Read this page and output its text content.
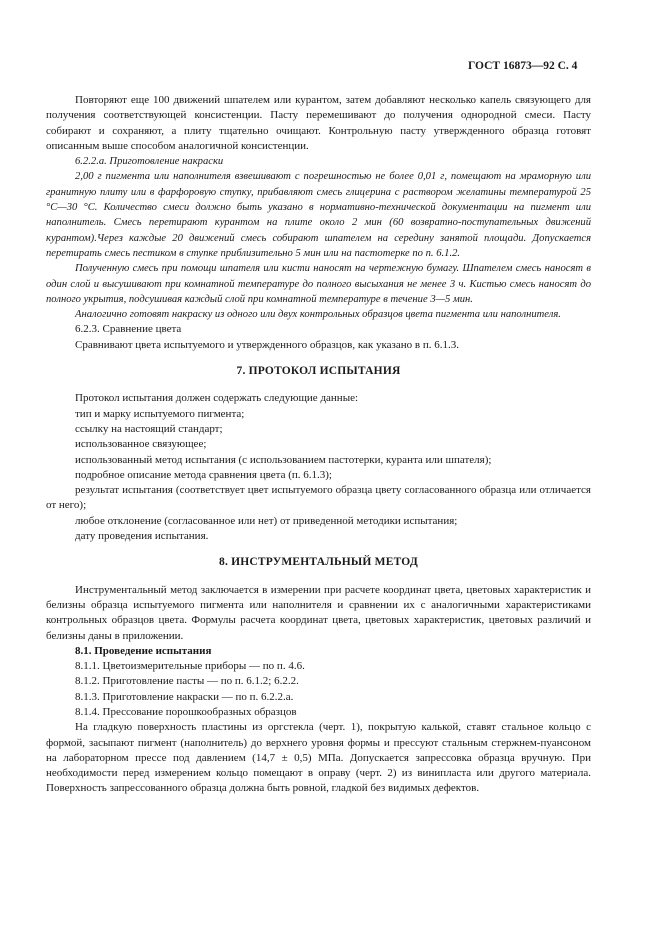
ГОСТ 16873—92 С. 4

Повторяют еще 100 движений шпателем или курантом, затем добавляют несколько капель связующего для получения соответствующей консистенции. Пасту перемешивают до получения однородной смеси. Пасту собирают и сохраняют, а плиту тщательно очищают. Контрольную пасту утвержденного образца готовят описанным выше способом аналогичной консистенции.

6.2.2.а. Приготовление накраски

2,00 г пигмента или наполнителя взвешивают с погрешностью не более 0,01 г, помещают на мраморную или гранитную плиту или в фарфоровую ступку, прибавляют смесь глицерина с раствором желатины температурой 25 °C—30 °C. Количество смеси должно быть указано в нормативно-технической документации на пигмент или наполнитель. Смесь перетирают курантом на плите около 2 мин (60 возвратно-поступательных движений курантом).Через каждые 20 движений смесь собирают шпателем на середину занятой площади. Допускается перетирать смесь пестиком в ступке приблизительно 5 мин или на пастотерке по п. 6.1.2.

Полученную смесь при помощи шпателя или кисти наносят на чертежную бумагу. Шпателем смесь наносят в один слой и высушивают при комнатной температуре до полного высыхания не менее 3 ч. Кистью смесь наносят до полного укрытия, подсушивая каждый слой при комнатной температуре в течение 3—5 мин.

Аналогично готовят накраску из одного или двух контрольных образцов цвета пигмента или наполнителя.

6.2.3. Сравнение цвета

Сравнивают цвета испытуемого и утвержденного образцов, как указано в п. 6.1.3.

7. ПРОТОКОЛ ИСПЫТАНИЯ

Протокол испытания должен содержать следующие данные:

тип и марку испытуемого пигмента;

ссылку на настоящий стандарт;

использованное связующее;

использованный метод испытания (с использованием пастотерки, куранта или шпателя);

подробное описание метода сравнения цвета (п. 6.1.3);

результат испытания (соответствует цвет испытуемого образца цвету согласованного образца или отличается от него);

любое отклонение (согласованное или нет) от приведенной методики испытания;

дату проведения испытания.

8. ИНСТРУМЕНТАЛЬНЫЙ МЕТОД

Инструментальный метод заключается в измерении при расчете координат цвета, цветовых характеристик и белизны образца испытуемого пигмента или наполнителя и сравнении их с аналогичными характеристиками контрольных образцов цвета. Формулы расчета координат цвета, цветовых характеристик, цветовых различий и белизны даны в приложении.

8.1. Проведение испытания

8.1.1. Цветоизмерительные приборы — по п. 4.6.

8.1.2. Приготовление пасты — по п. 6.1.2; 6.2.2.

8.1.3. Приготовление накраски — по п. 6.2.2.а.

8.1.4. Прессование порошкообразных образцов

На гладкую поверхность пластины из оргстекла (черт. 1), покрытую калькой, ставят стальное кольцо с формой, засыпают пигмент (наполнитель) до верхнего уровня формы и прессуют стальным стержнем-пуансоном на лабораторном прессе под давлением (14,7 ± 0,5) МПа. Допускается запрессовка образца вручную. При необходимости перед измерением кольцо помещают в оправу (черт. 2) из винипласта или другого материала. Поверхность запрессованного образца должна быть ровной, гладкой без видимых дефектов.
